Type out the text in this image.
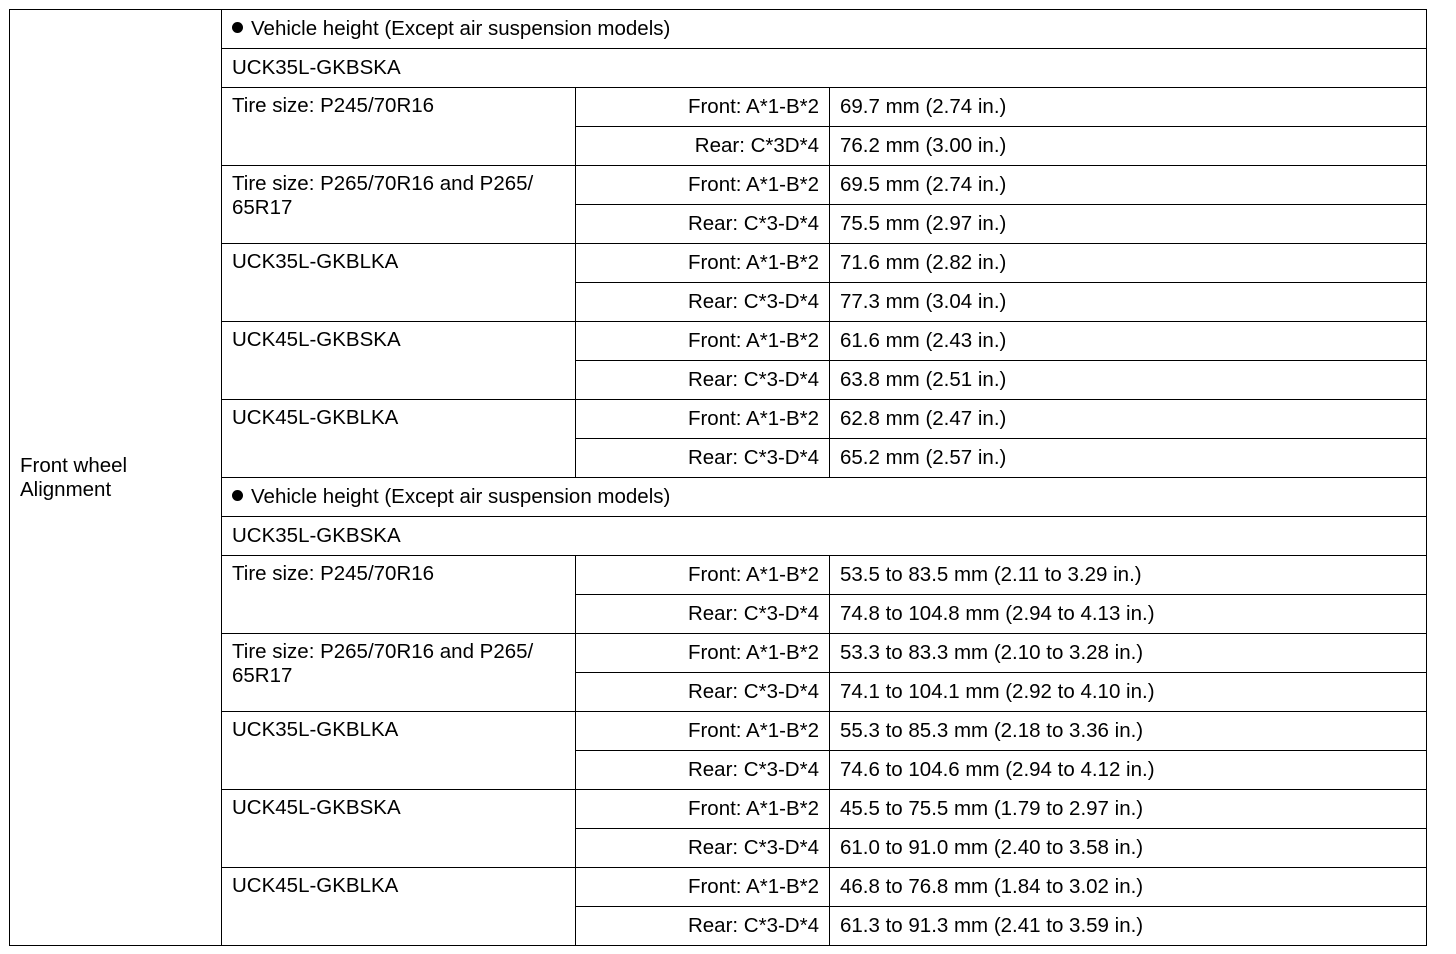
Front wheel Alignment	Vehicle height (Except air suspension models)		
	UCK35L-GKBSKA		
	Tire size: P245/70R16	Front: A*1-B*2	69.7 mm (2.74 in.)
		Rear: C*3D*4	76.2 mm (3.00 in.)
	Tire size: P265/70R16 and P265/ 65R17	Front: A*1-B*2	69.5 mm (2.74 in.)
		Rear: C*3-D*4	75.5 mm (2.97 in.)
	UCK35L-GKBLKA	Front: A*1-B*2	71.6 mm (2.82 in.)
		Rear: C*3-D*4	77.3 mm (3.04 in.)
	UCK45L-GKBSKA	Front: A*1-B*2	61.6 mm (2.43 in.)
		Rear: C*3-D*4	63.8 mm (2.51 in.)
	UCK45L-GKBLKA	Front: A*1-B*2	62.8 mm (2.47 in.)
		Rear: C*3-D*4	65.2 mm (2.57 in.)
	Vehicle height (Except air suspension models)		
	UCK35L-GKBSKA		
	Tire size: P245/70R16	Front: A*1-B*2	53.5 to 83.5 mm (2.11 to 3.29 in.)
		Rear: C*3-D*4	74.8 to 104.8 mm (2.94 to 4.13 in.)
	Tire size: P265/70R16 and P265/ 65R17	Front: A*1-B*2	53.3 to 83.3 mm (2.10 to 3.28 in.)
		Rear: C*3-D*4	74.1 to 104.1 mm (2.92 to 4.10 in.)
	UCK35L-GKBLKA	Front: A*1-B*2	55.3 to 85.3 mm (2.18 to 3.36 in.)
		Rear: C*3-D*4	74.6 to 104.6 mm (2.94 to 4.12 in.)
	UCK45L-GKBSKA	Front: A*1-B*2	45.5 to 75.5 mm (1.79 to 2.97 in.)
		Rear: C*3-D*4	61.0 to 91.0 mm (2.40 to 3.58 in.)
	UCK45L-GKBLKA	Front: A*1-B*2	46.8 to 76.8 mm (1.84 to 3.02 in.)
		Rear: C*3-D*4	61.3 to 91.3 mm (2.41 to 3.59 in.)
